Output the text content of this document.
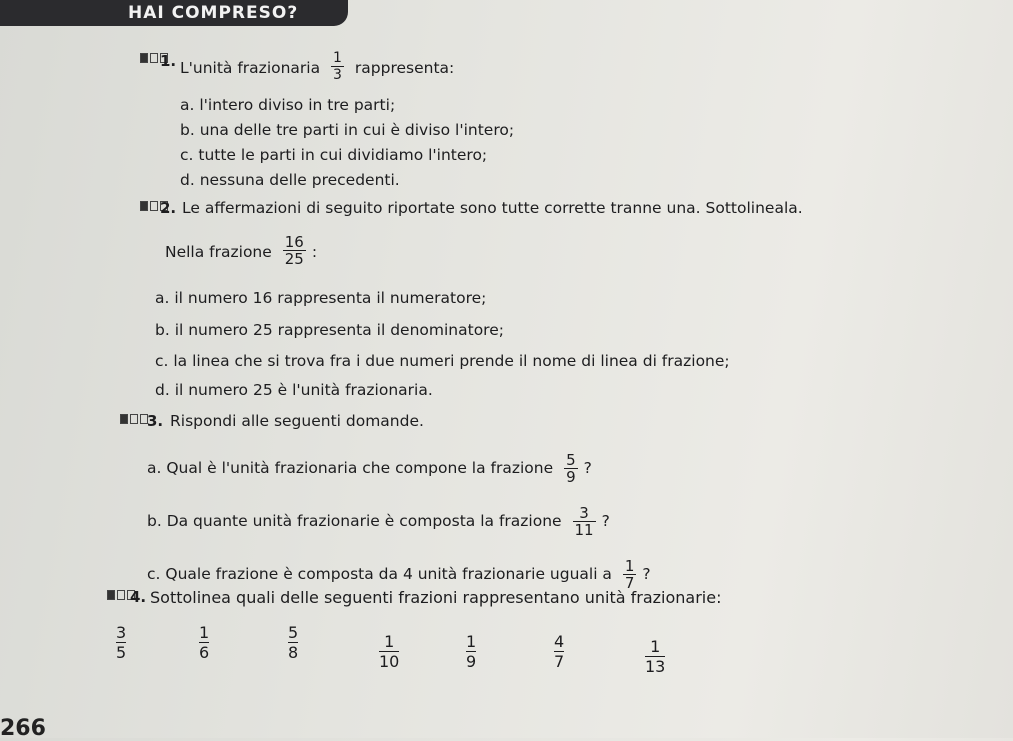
HAI COMPRESO?
1. L'unità frazionaria $\frac{1}{3}$ rappresenta:
a. l'intero diviso in tre parti;
b. una delle tre parti in cui è diviso l'intero;
c. tutte le parti in cui dividiamo l'intero;
d. nessuna delle precedenti.
2. Le affermazioni di seguito riportate sono tutte corrette tranne una. Sottolineala.
Nella frazione $\frac{16}{25}$ :
a. il numero 16 rappresenta il numeratore;
b. il numero 25 rappresenta il denominatore;
c. la linea che si trova fra i due numeri prende il nome di linea di frazione;
d. il numero 25 è l'unità frazionaria.
3. Rispondi alle seguenti domande.
a. Qual è l'unità frazionaria che compone la frazione $\frac{5}{9}$ ?
b. Da quante unità frazionarie è composta la frazione $\frac{3}{11}$ ?
c. Quale frazione è composta da 4 unità frazionarie uguali a $\frac{1}{7}$ ?
4. Sottolinea quali delle seguenti frazioni rappresentano unità frazionarie:
3
5
1
6
5
8
1
10
1
9
4
7
1
13
266
